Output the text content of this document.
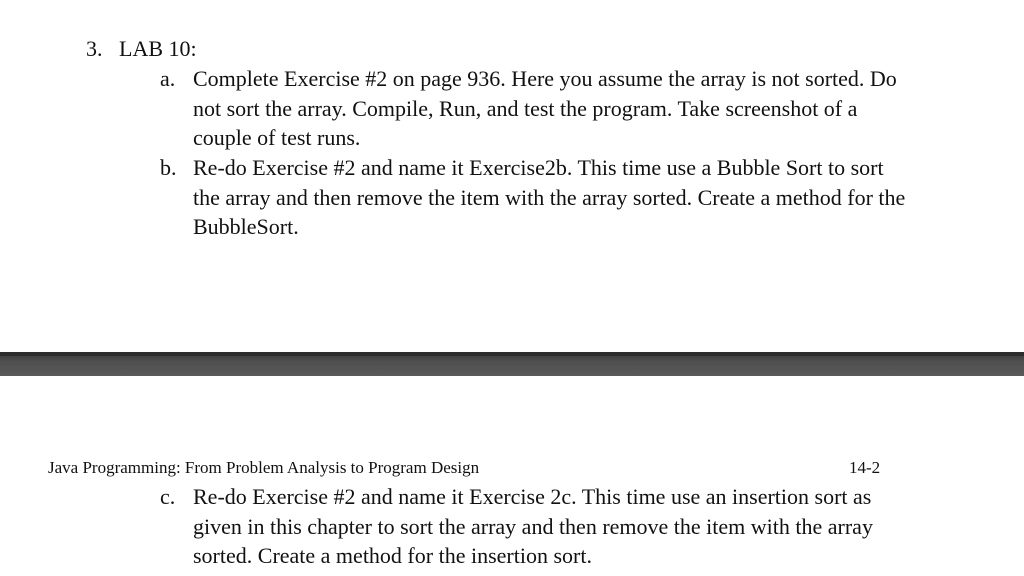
3. LAB 10:
a. Complete Exercise #2 on page 936. Here you assume the array is not sorted. Do
not sort the array. Compile, Run, and test the program. Take screenshot of a
couple of test runs.
b. Re-do Exercise #2 and name it Exercise2b. This time use a Bubble Sort to sort
the array and then remove the item with the array sorted. Create a method for the
BubbleSort.
Java Programming: From Problem Analysis to Program Design	14-2
c. Re-do Exercise #2 and name it Exercise 2c. This time use an insertion sort as
given in this chapter to sort the array and then remove the item with the array
sorted. Create a method for the insertion sort.
